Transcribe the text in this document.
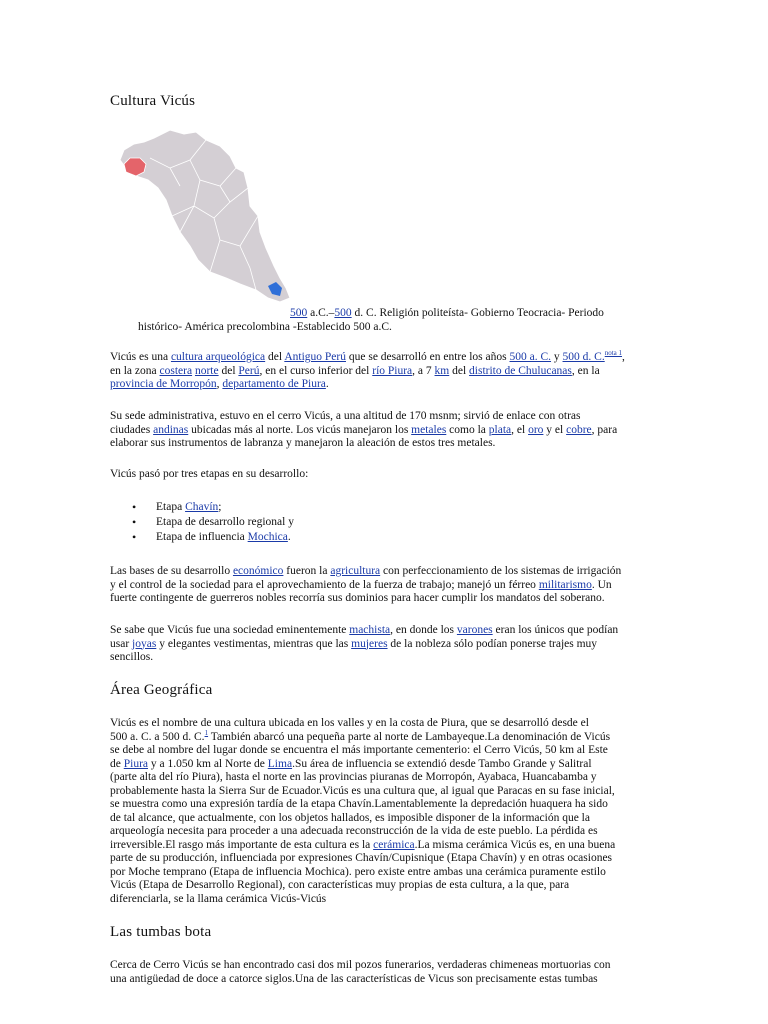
Cultura Vicús
500 a.C.–500 d. C. Religión politeísta- Gobierno Teocracia- Periodo
histórico- América precolombina -Establecido 500 a.C.
Vicús es una cultura arqueológica del Antiguo Perú que se desarrolló en entre los años 500 a. C. y 500 d. C.$^{nota 1}$,
en la zona costera norte del Perú, en el curso inferior del río Piura, a 7 km del distrito de Chulucanas, en la
provincia de Morropón, departamento de Piura.
Su sede administrativa, estuvo en el cerro Vicús, a una altitud de 170 msnm; sirvió de enlace con otras
ciudades andinas ubicadas más al norte. Los vicús manejaron los metales como la plata, el oro y el cobre, para
elaborar sus instrumentos de labranza y manejaron la aleación de estos tres metales.
Vicús pasó por tres etapas en su desarrollo:
• Etapa Chavín;
• Etapa de desarrollo regional y
• Etapa de influencia Mochica.
Las bases de su desarrollo económico fueron la agricultura con perfeccionamiento de los sistemas de irrigación
y el control de la sociedad para el aprovechamiento de la fuerza de trabajo; manejó un férreo militarismo. Un
fuerte contingente de guerreros nobles recorría sus dominios para hacer cumplir los mandatos del soberano.
Se sabe que Vicús fue una sociedad eminentemente machista, en donde los varones eran los únicos que podían
usar joyas y elegantes vestimentas, mientras que las mujeres de la nobleza sólo podían ponerse trajes muy
sencillos.
Área Geográfica
Vicús es el nombre de una cultura ubicada en los valles y en la costa de Piura, que se desarrolló desde el
500 a. C. a 500 d. C.$^1$ También abarcó una pequeña parte al norte de Lambayeque.La denominación de Vicús
se debe al nombre del lugar donde se encuentra el más importante cementerio: el Cerro Vicús, 50 km al Este
de Piura y a 1.050 km al Norte de Lima.Su área de influencia se extendió desde Tambo Grande y Salitral
(parte alta del río Piura), hasta el norte en las provincias piuranas de Morropón, Ayabaca, Huancabamba y
probablemente hasta la Sierra Sur de Ecuador.Vicús es una cultura que, al igual que Paracas en su fase inicial,
se muestra como una expresión tardía de la etapa Chavín.Lamentablemente la depredación huaquera ha sido
de tal alcance, que actualmente, con los objetos hallados, es imposible disponer de la información que la
arqueología necesita para proceder a una adecuada reconstrucción de la vida de este pueblo. La pérdida es
irreversible.El rasgo más importante de esta cultura es la cerámica.La misma cerámica Vicús es, en una buena
parte de su producción, influenciada por expresiones Chavín/Cupisnique (Etapa Chavín) y en otras ocasiones
por Moche temprano (Etapa de influencia Mochica). pero existe entre ambas una cerámica puramente estilo
Vicús (Etapa de Desarrollo Regional), con características muy propias de esta cultura, a la que, para
diferenciarla, se la llama cerámica Vicús-Vicús
Las tumbas bota
Cerca de Cerro Vicús se han encontrado casi dos mil pozos funerarios, verdaderas chimeneas mortuorias con
una antigüedad de doce a catorce siglos.Una de las características de Vicus son precisamente estas tumbas
